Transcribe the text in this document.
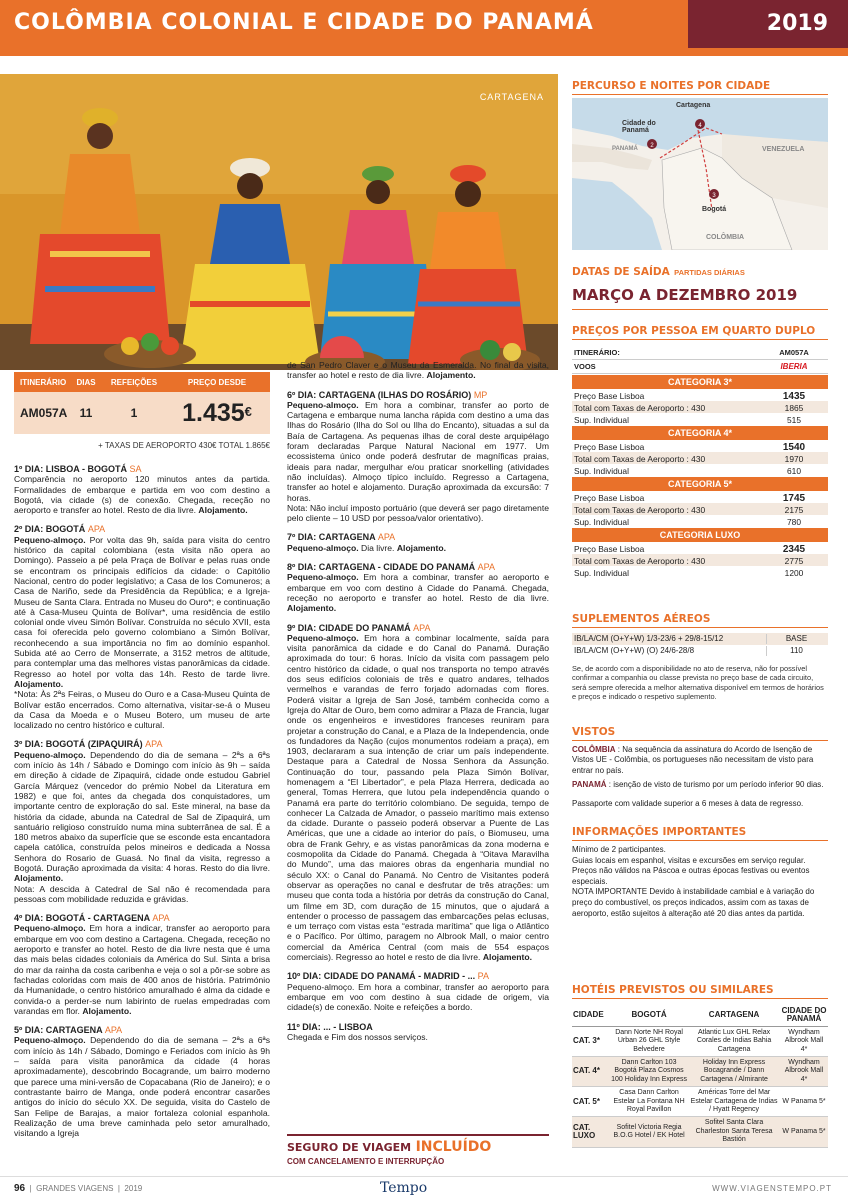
COLÔMBIA COLONIAL E CIDADE DO PANAMÁ	2019
CARTAGENA
ITINERÁRIO	DIAS	REFEIÇÕES	PREÇO DESDE
AM057A	11	1	1.435€
+ TAXAS DE AEROPORTO 430€ TOTAL 1.865€
1º DIA: LISBOA - BOGOTÁ SA
Comparência no aeroporto 120 minutos antes da partida. Formalidades de embarque e partida em voo com destino a Bogotá, via cidade (s) de conexão. Chegada, receção no aeroporto e transfer ao hotel. Resto de dia livre. Alojamento.
2º DIA: BOGOTÁ APA
Pequeno-almoço. Por volta das 9h, saída para visita do centro histórico da capital colombiana (esta visita não opera ao Domingo). Passeio a pé pela Praça de Bolívar e pelas ruas onde se encontram os principais edifícios da cidade: o Capitólio Nacional, centro do poder legislativo; a Casa de los Comuneros; a Casa de Nariño, sede da Presidência da República; e a Igreja-Museu de Santa Clara. Entrada no Museu do Ouro*; e continuação até à Casa-Museu Quinta de Bolívar*, uma residência de estilo colonial onde viveu Simón Bolívar. Construída no século XVII, esta casa foi oferecida pelo governo colombiano a Simón Bolívar, reconhecendo a sua importância no fim ao domínio espanhol. Subida até ao Cerro de Monserrate, a 3152 metros de altitude, para contemplar uma das melhores vistas panorâmicas da cidade. Regresso ao hotel por volta das 14h. Resto de tarde livre. Alojamento.
*Nota: Às 2ªs Feiras, o Museu do Ouro e a Casa-Museu Quinta de Bolívar estão encerrados. Como alternativa, visitar-se-á o Museu da Casa da Moeda e o Museu Botero, um museu de arte localizado no centro histórico e cultural.
3º DIA: BOGOTÁ (ZIPAQUIRÁ) APA
Pequeno-almoço. Dependendo do dia de semana – 2ªs a 6ªs com início às 14h / Sábado e Domingo com início às 9h – saída em direção à cidade de Zipaquirá, cidade onde estudou Gabriel García Márquez (vencedor do prémio Nobel da Literatura em 1982) e que foi, antes da chegada dos conquistadores, um importante centro de exploração do sal. Este mineral, na base da história da cidade, abunda na Catedral de Sal de Zipaquirá, um santuário religioso construído numa mina subterrânea de sal. É a 180 metros abaixo da superfície que se esconde esta encantadora capela católica, construída pelos mineiros e dedicada a Nossa Senhora do Rosario de Guasá. No final da visita, regresso a Bogotá. Duração aproximada da visita: 4 horas. Resto do dia livre. Alojamento.
Nota: A descida à Catedral de Sal não é recomendada para pessoas com mobilidade reduzida e grávidas.
4º DIA: BOGOTÁ - CARTAGENA APA
Pequeno-almoço. Em hora a indicar, transfer ao aeroporto para embarque em voo com destino a Cartagena. Chegada, receção no aeroporto e transfer ao hotel. Resto de dia livre nesta que é uma das mais belas cidades coloniais da América do Sul. Sinta a brisa do mar da rainha da costa caribenha e veja o sol a pôr-se sobre as fachadas coloridas com mais de 400 anos de história. Património da Humanidade, o centro histórico amuralhado é alma da cidade e convida-o a perder-se num labirinto de ruelas empedradas com varandas em flor. Alojamento.
5º DIA: CARTAGENA APA
Pequeno-almoço. Dependendo do dia de semana – 2ªs a 6ªs com início às 14h / Sábado, Domingo e Feriados com início às 9h – saída para visita panorâmica da cidade (4 horas aproximadamente), descobrindo Bocagrande, um bairro moderno que parece uma mini-versão de Copacabana (Rio de Janeiro); e o contrastante bairro de Manga, onde poderá encontrar casarões antigos do início do século XX. De seguida, visita do Castelo de San Felipe de Barajas, a maior fortaleza colonial espanhola. Realização de uma breve caminhada pelo setor amuralhado, visitando a Igreja
de San Pedro Claver e o Museu da Esmeralda. No final da visita, transfer ao hotel e resto de dia livre. Alojamento.
6º DIA: CARTAGENA (ILHAS DO ROSÁRIO) MP
Pequeno-almoço. Em hora a combinar, transfer ao porto de Cartagena e embarque numa lancha rápida com destino a uma das Ilhas do Rosário (Ilha do Sol ou Ilha do Encanto), situadas a sul da Baía de Cartagena. As pequenas ilhas de coral deste arquipélago foram declaradas Parque Natural Nacional em 1977. Um ecossistema único onde poderá desfrutar de magníficas praias, ideais para nadar, mergulhar e/ou praticar snorkelling (atividades não incluídas). Almoço típico incluído. Regresso a Cartagena, transfer ao hotel e alojamento. Duração aproximada da excursão: 7 horas.
Nota: Não incluí imposto portuário (que deverá ser pago diretamente pelo cliente – 10 USD por pessoa/valor orientativo).
7º DIA: CARTAGENA APA
Pequeno-almoço. Dia livre. Alojamento.
8º DIA: CARTAGENA - CIDADE DO PANAMÁ APA
Pequeno-almoço. Em hora a combinar, transfer ao aeroporto e embarque em voo com destino à Cidade do Panamá. Chegada, receção no aeroporto e transfer ao hotel. Resto de dia livre. Alojamento.
9º DIA: CIDADE DO PANAMÁ APA
Pequeno-almoço. Em hora a combinar localmente, saída para visita panorâmica da cidade e do Canal do Panamá. Duração aproximada do tour: 6 horas. Início da visita com passagem pelo centro histórico da cidade, o qual nos transporta no tempo através dos seus edifícios coloniais de três e quatro andares, telhados vermelhos e varandas de ferro forjado adornadas com flores. Poderá visitar a Igreja de San José, também conhecida como a Igreja do Altar de Ouro, bem como admirar a Plaza de Francia, lugar onde os engenheiros e investidores franceses reuniram para projetar a construção do Canal, e a Plaza de la Independencia, onde os fundadores da Nação (cujos monumentos rodeiam a praça), em 1903, declararam a sua intenção de criar um país independente. Destaque para a Catedral de Nossa Senhora da Assunção. Continuação do tour, passando pela Plaza Simón Bolívar, homenagem a “El Libertador”, e pela Plaza Herrera, dedicada ao general, Tomas Herrera, que lutou pela independência quando o Panamá era parte do território colombiano. De seguida, tempo de conhecer La Calzada de Amador, o passeio marítimo mais extenso da cidade. Durante o passeio poderá observar a Puente de Las Américas, que une a cidade ao interior do país, o Biomuseu, uma obra de Frank Gehry, e as vistas panorâmicas da zona moderna e cosmopolita da Cidade do Panamá. Chegada à “Oitava Maravilha do Mundo”, uma das maiores obras da engenharia mundial no século XX: o Canal do Panamá. No Centro de Visitantes poderá observar as operações no canal e desfrutar de três atrações: um museu que conta toda a história por detrás da construção do Canal, um filme em 3D, com duração de 15 minutos, que o ajudará a entender o processo de passagem das embarcações pelas eclusas, e um terraço com vistas esta “estrada marítima” que liga o Atlântico e o Pacífico. Por último, paragem no Albrook Mall, o maior centro comercial da América Central (com mais de 554 espaços comerciais). Regresso ao hotel e resto de dia livre. Alojamento.
10º DIA: CIDADE DO PANAMÁ - MADRID - ... PA
Pequeno-almoço. Em hora a combinar, transfer ao aeroporto para embarque em voo com destino à sua cidade de origem, via cidade(s) de conexão. Noite e refeições a bordo.
11º DIA: ... - LISBOA
Chegada e Fim dos nossos serviços.
SEGURO DE VIAGEM INCLUÍDO
COM CANCELAMENTO E INTERRUPÇÃO
PERCURSO E NOITES POR CIDADE
2
4
3
Cartagena
Cidade do Panamá
Bogotá
VENEZUELA
COLÔMBIA
PANAMÁ
DATAS DE SAÍDA PARTIDAS DIÁRIAS
MARÇO A DEZEMBRO 2019
PREÇOS POR PESSOA EM QUARTO DUPLO
ITINERÁRIO:	AM057A
VOOS	IBERIA
CATEGORIA 3*
Preço Base Lisboa	1435
Total com Taxas de Aeroporto : 430	1865
Sup. Individual	515
CATEGORIA 4*
Preço Base Lisboa	1540
Total com Taxas de Aeroporto : 430	1970
Sup. Individual	610
CATEGORIA 5*
Preço Base Lisboa	1745
Total com Taxas de Aeroporto : 430	2175
Sup. Individual	780
CATEGORIA LUXO
Preço Base Lisboa	2345
Total com Taxas de Aeroporto : 430	2775
Sup. Individual	1200
SUPLEMENTOS AÉREOS
IB/LA/CM (O+Y+W) 1/3-23/6 + 29/8-15/12	BASE
IB/LA/CM (O+Y+W) (O) 24/6-28/8	110
Se, de acordo com a disponibilidade no ato de reserva, não for possível confirmar a companhia ou classe prevista no preço base de cada circuito, será sempre oferecida a melhor alternativa disponível em termos de horários e preços e indicado o respetivo suplemento.
VISTOS
COLÔMBIA : Na sequência da assinatura do Acordo de Isenção de Vistos UE - Colômbia, os portugueses não necessitam de visto para entrar no país.
PANAMÁ : isenção de visto de turismo por um período inferior 90 dias.
Passaporte com validade superior a 6 meses à data de regresso.
INFORMAÇÕES IMPORTANTES
Mínimo de 2 participantes.
Guias locais em espanhol, visitas e excursões em serviço regular.
Preços não válidos na Páscoa e outras épocas festivas ou eventos especiais.
NOTA IMPORTANTE Devido à instabilidade cambial e à variação do preço do combustível, os preços indicados, assim com as taxas de aeroporto, estão sujeitos à alteração até 20 dias antes da partida.
HOTÉIS PREVISTOS OU SIMILARES
CIDADE	BOGOTÁ	CARTAGENA	CIDADE DO PANAMÁ
CAT. 3*	Dann Norte NH Royal Urban 26 GHL Style Belvedere	Atlantic Lux GHL Relax Corales de Indias Bahia Cartagena	Wyndham Albrook Mall 4*
CAT. 4*	Dann Carlton 103 Bogotá Plaza Cosmos 100 Holiday Inn Express	Holiday Inn Express Bocagrande / Dann Cartagena / Almirante	Wyndham Albrook Mall 4*
CAT. 5*	Casa Dann Carlton Estelar La Fontana NH Royal Pavillon	Américas Torre del Mar Estelar Cartagena de Indias / Hyatt Regency	W Panama 5*
CAT. LUXO	Sofitel Victoria Regia B.O.G Hotel / EK Hotel	Sofitel Santa Clara Charleston Santa Teresa Bastión	W Panama 5*
96  |  GRANDES VIAGENS  |  2019	Tempo	WWW.VIAGENSTEMPO.PT
